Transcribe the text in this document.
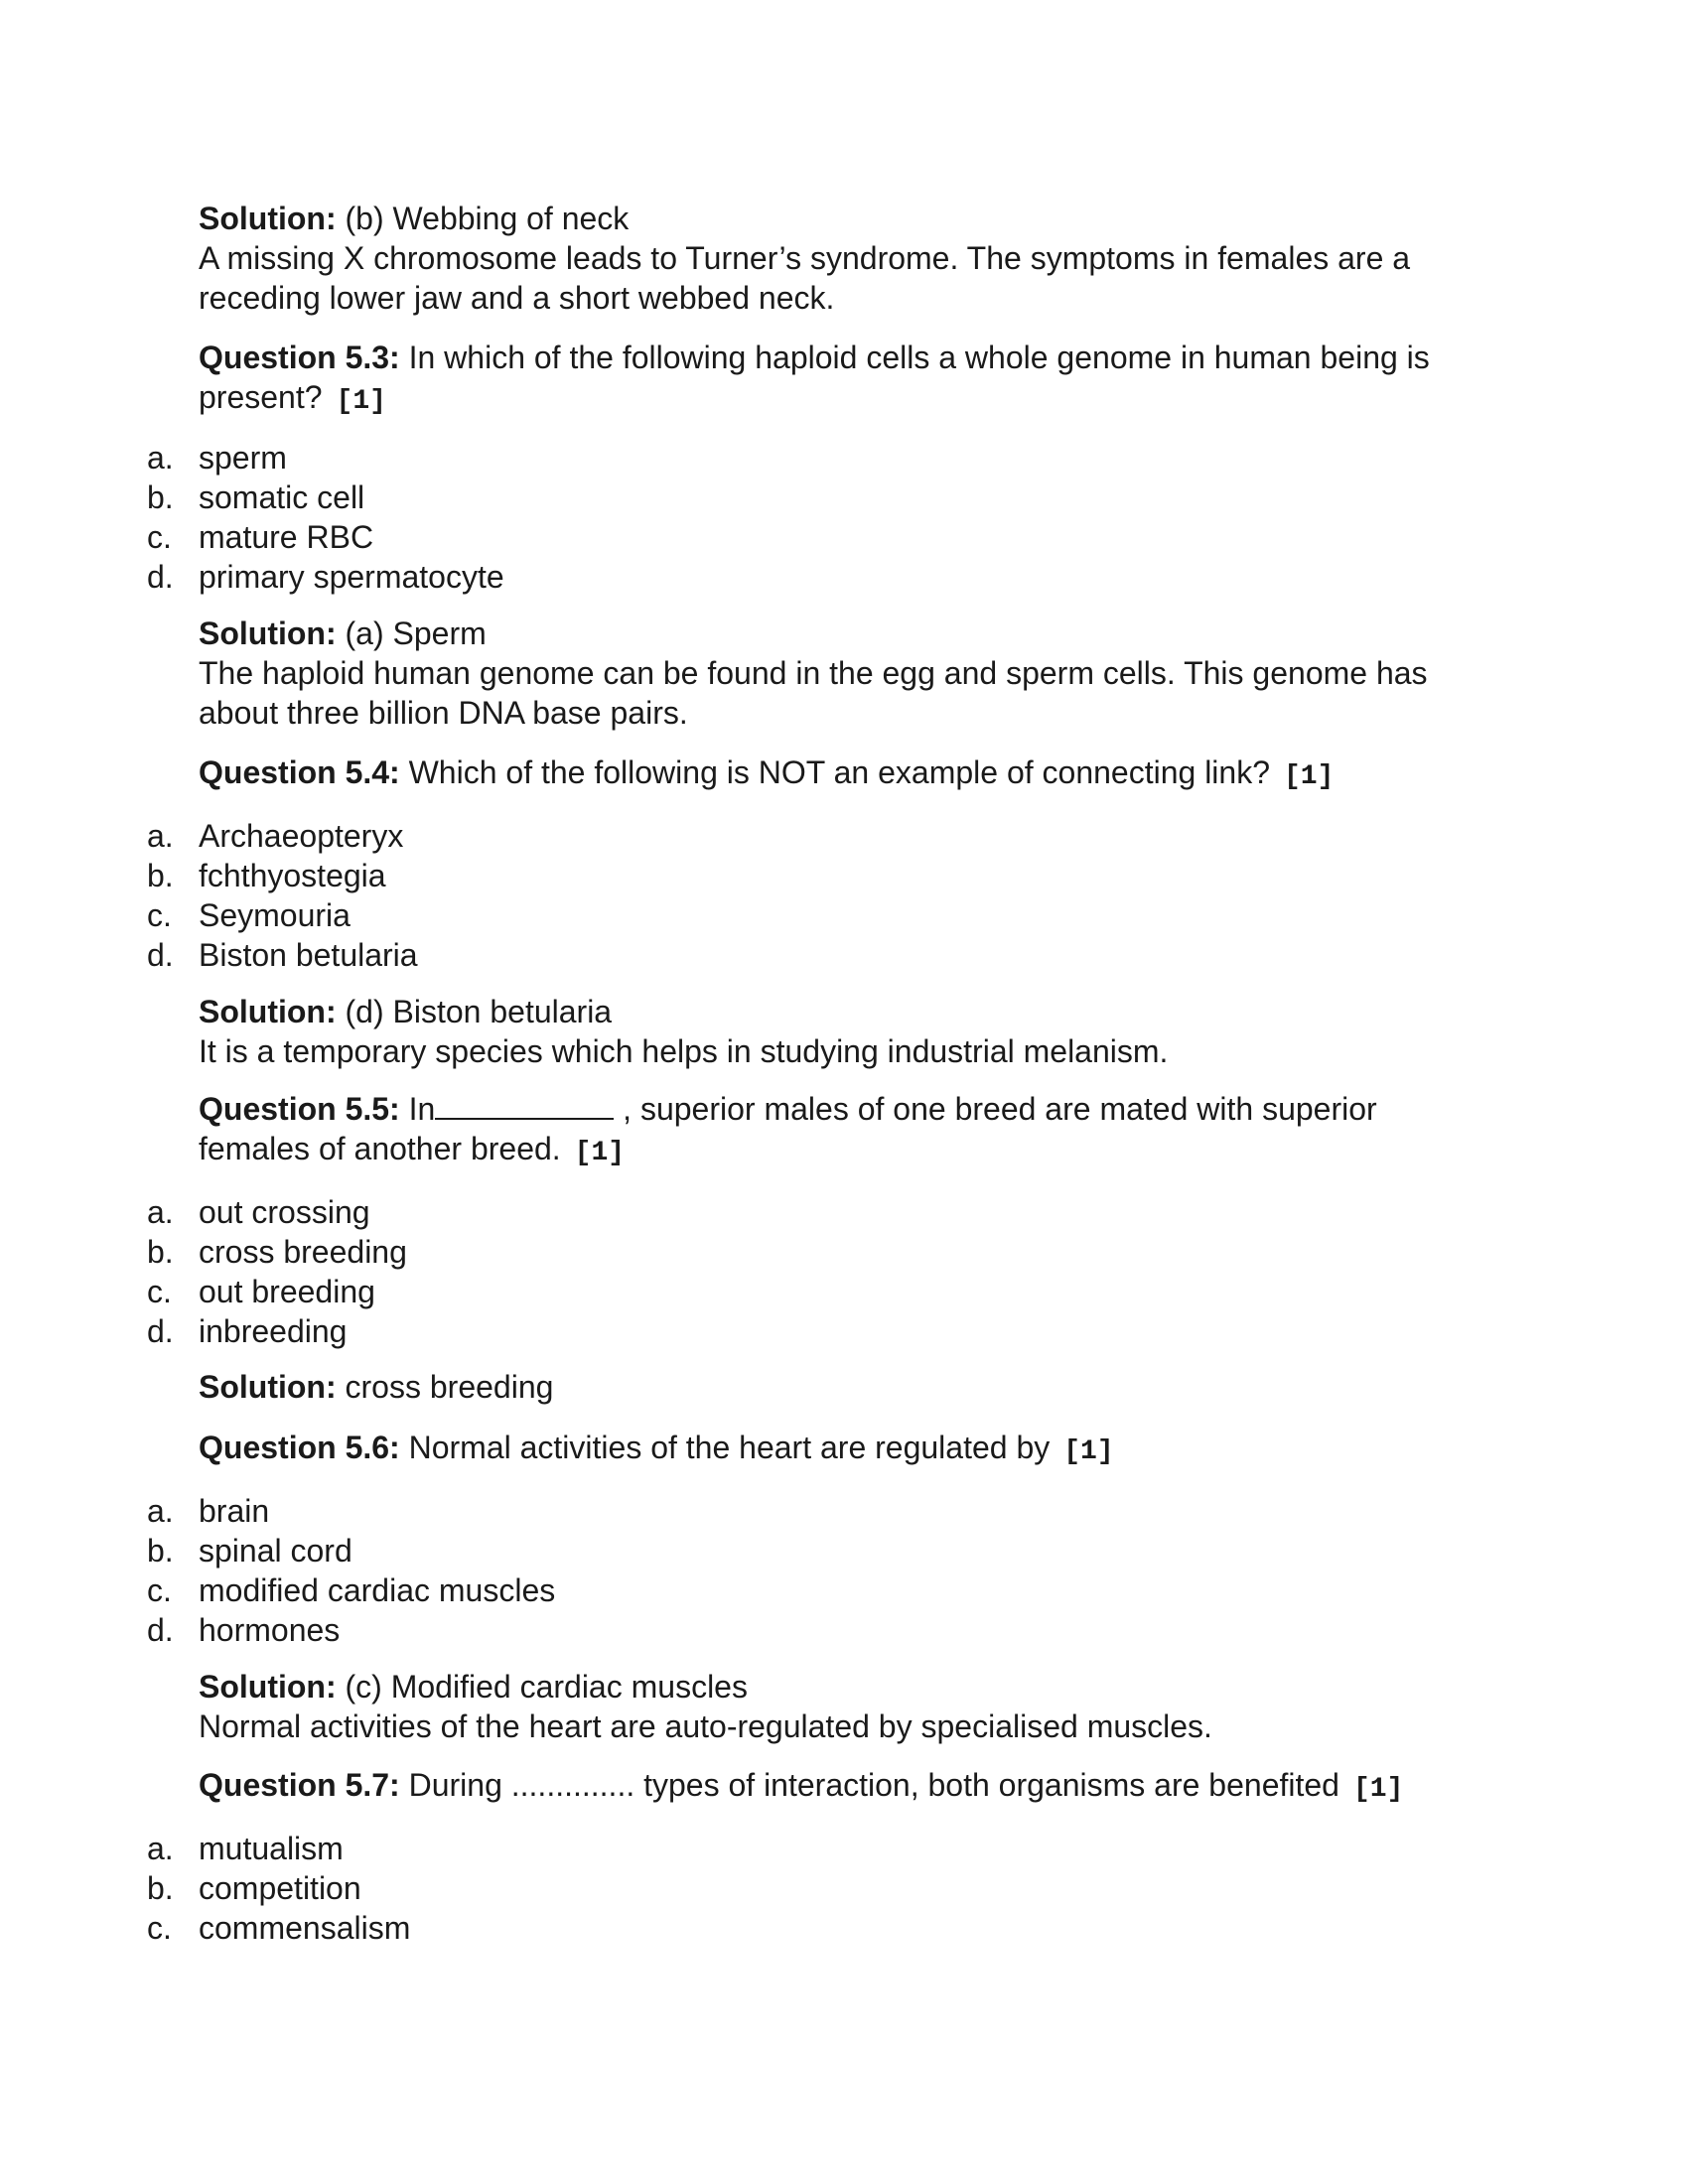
Solution: (b) Webbing of neck

A missing X chromosome leads to Turner’s syndrome. The symptoms in females are a receding lower jaw and a short webbed neck.

Question 5.3: In which of the following haploid cells a whole genome in human being is present? [1]

a. sperm
b. somatic cell
c. mature RBC
d. primary spermatocyte

Solution: (a) Sperm

The haploid human genome can be found in the egg and sperm cells. This genome has about three billion DNA base pairs.

Question 5.4: Which of the following is NOT an example of connecting link? [1]

a. Archaeopteryx
b. fchthyostegia
c. Seymouria
d. Biston betularia

Solution: (d) Biston betularia

It is a temporary species which helps in studying industrial melanism.

Question 5.5: In	, superior males of one breed are mated with superior females of another breed. [1]

a. out crossing
b. cross breeding
c. out breeding
d. inbreeding

Solution: cross breeding

Question 5.6: Normal activities of the heart are regulated by [1]

a. brain
b. spinal cord
c. modified cardiac muscles
d. hormones

Solution: (c) Modified cardiac muscles

Normal activities of the heart are auto-regulated by specialised muscles.

Question 5.7: During .............. types of interaction, both organisms are benefited [1]

a. mutualism
b. competition
c. commensalism
